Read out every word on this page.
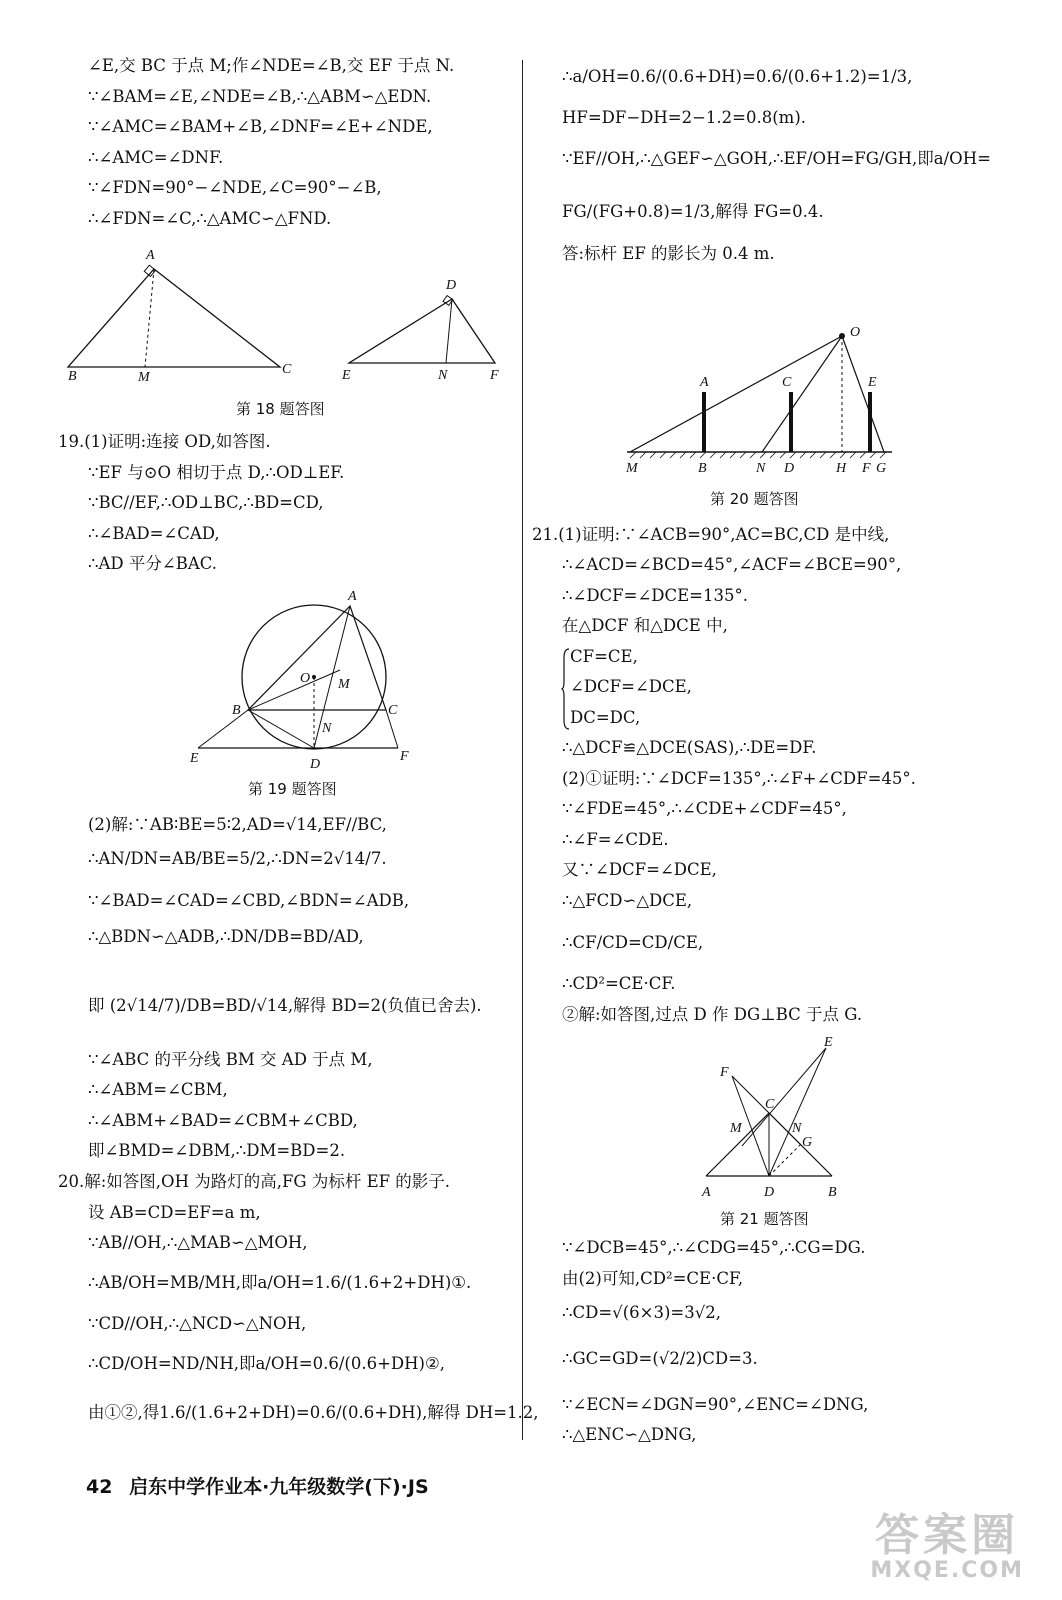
∠E,交 BC 于点 M;作∠NDE=∠B,交 EF 于点 N.
∵∠BAM=∠E,∠NDE=∠B,∴△ABM∽△EDN.
∵∠AMC=∠BAM+∠B,∠DNF=∠E+∠NDE,
∴∠AMC=∠DNF.
∵∠FDN=90°−∠NDE,∠C=90°−∠B,
∴∠FDN=∠C,∴△AMC∽△FND.
A
B	M
C
D
E	N	F
第 18 题答图
19.(1)证明:连接 OD,如答图.
∵EF 与⊙O 相切于点 D,∴OD⊥EF.
∵BC//EF,∴OD⊥BC,∴BD=CD,
∴∠BAD=∠CAD,
∴AD 平分∠BAC.
A
B	C
E	D
F
O M
N
第 19 题答图
(2)解:∵AB∶BE=5∶2,AD=√14,EF//BC,
∴AN/DN=AB/BE=5/2,∴DN=2√14/7.
∵∠BAD=∠CAD=∠CBD,∠BDN=∠ADB,
∴△BDN∽△ADB,∴DN/DB=BD/AD,
即 (2√14/7)/DB=BD/√14,解得 BD=2(负值已舍去).
∵∠ABC 的平分线 BM 交 AD 于点 M,
∴∠ABM=∠CBM,
∴∠ABM+∠BAD=∠CBM+∠CBD,
即∠BMD=∠DBM,∴DM=BD=2.
20.解:如答图,OH 为路灯的高,FG 为标杆 EF 的影子.
设 AB=CD=EF=a m,
∵AB//OH,∴△MAB∽△MOH,
∴AB/OH=MB/MH,即a/OH=1.6/(1.6+2+DH)①.
∵CD//OH,∴△NCD∽△NOH,
∴CD/OH=ND/NH,即a/OH=0.6/(0.6+DH)②,
由①②,得1.6/(1.6+2+DH)=0.6/(0.6+DH),解得 DH=1.2,
∴a/OH=0.6/(0.6+DH)=0.6/(0.6+1.2)=1/3,
HF=DF−DH=2−1.2=0.8(m).
∵EF//OH,∴△GEF∽△GOH,∴EF/OH=FG/GH,即a/OH=
FG/(FG+0.8)=1/3,解得 FG=0.4.
答:标杆 EF 的影长为 0.4 m.
O
A	C	E
M	B	N D	H F G
第 20 题答图
21.(1)证明:∵∠ACB=90°,AC=BC,CD 是中线,
∴∠ACD=∠BCD=45°,∠ACF=∠BCE=90°,
∴∠DCF=∠DCE=135°.
在△DCF 和△DCE 中,
CF=CE,
∠DCF=∠DCE,
DC=DC,
∴△DCF≌△DCE(SAS),∴DE=DF.
(2)①证明:∵∠DCF=135°,∴∠F+∠CDF=45°.
∵∠FDE=45°,∴∠CDE+∠CDF=45°,
∴∠F=∠CDE.
又∵∠DCF=∠DCE,
∴△FCD∽△DCE,
∴CF/CD=CD/CE,
∴CD²=CE·CF.
②解:如答图,过点 D 作 DG⊥BC 于点 G.
F
E
C
M	N
G
A	D	B
第 21 题答图
∵∠DCB=45°,∴∠CDG=45°,∴CG=DG.
由(2)可知,CD²=CE·CF,
∴CD=√(6×3)=3√2,
∴GC=GD=(√2/2)CD=3.
∵∠ECN=∠DGN=90°,∠ENC=∠DNG,
∴△ENC∽△DNG,
42 启东中学作业本·九年级数学(下)·JS
答案圈
MXQE.COM
